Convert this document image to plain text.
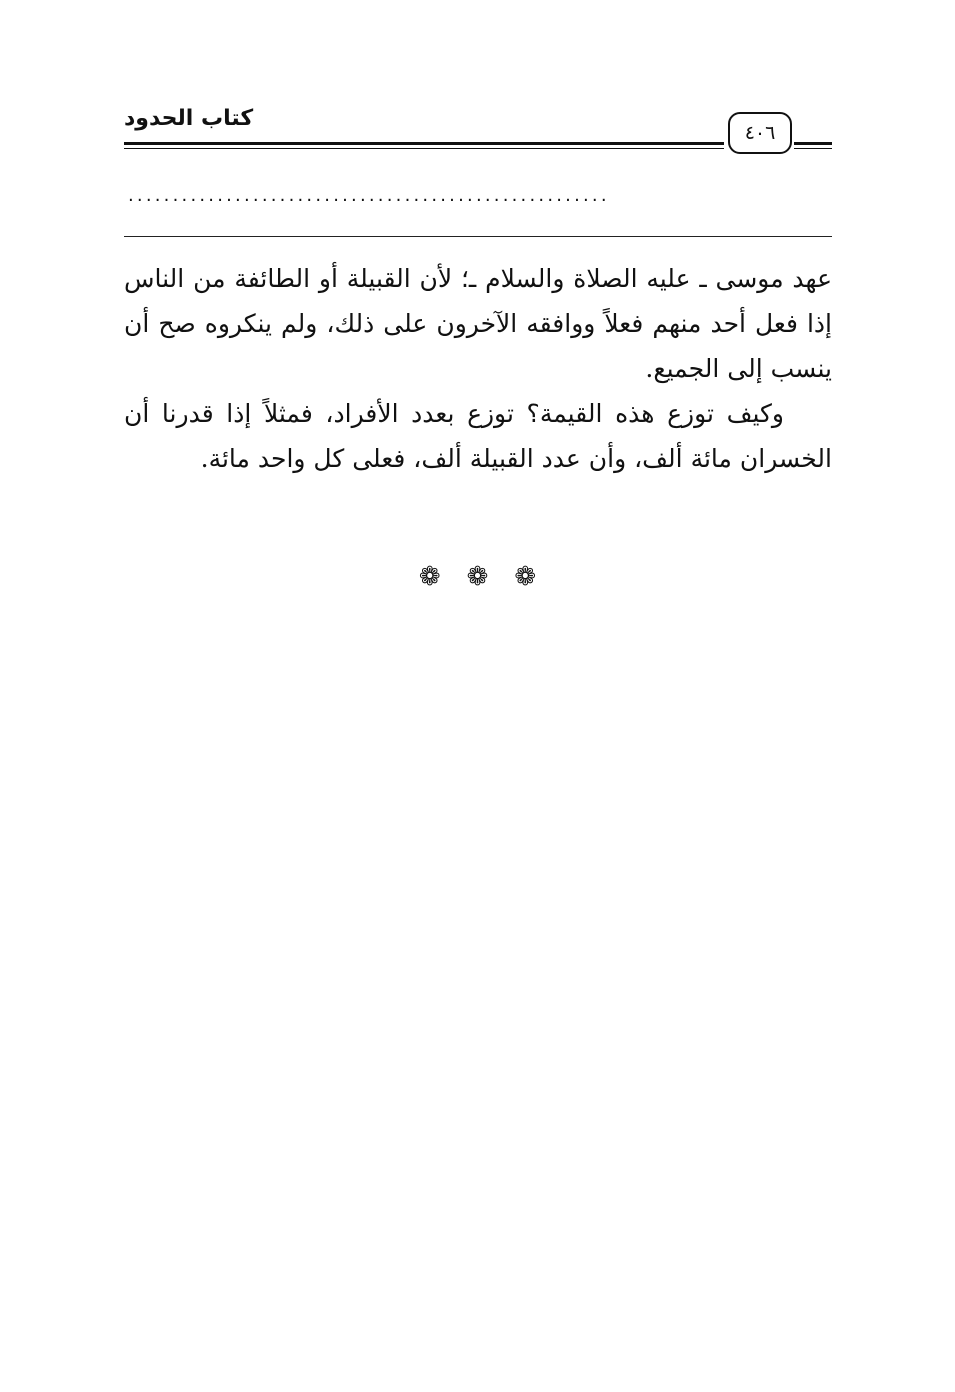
كتاب الحدود
٤٠٦
......................................................

عهد موسى ـ عليه الصلاة والسلام ـ؛ لأن القبيلة أو الطائفة من الناس إذا فعل أحد منهم فعلاً ووافقه الآخرون على ذلك، ولم ينكروه صح أن ينسب إلى الجميع.

وكيف توزع هذه القيمة؟ توزع بعدد الأفراد، فمثلاً إذا قدرنا أن الخسران مائة ألف، وأن عدد القبيلة ألف، فعلى كل واحد مائة.

❁❁❁
